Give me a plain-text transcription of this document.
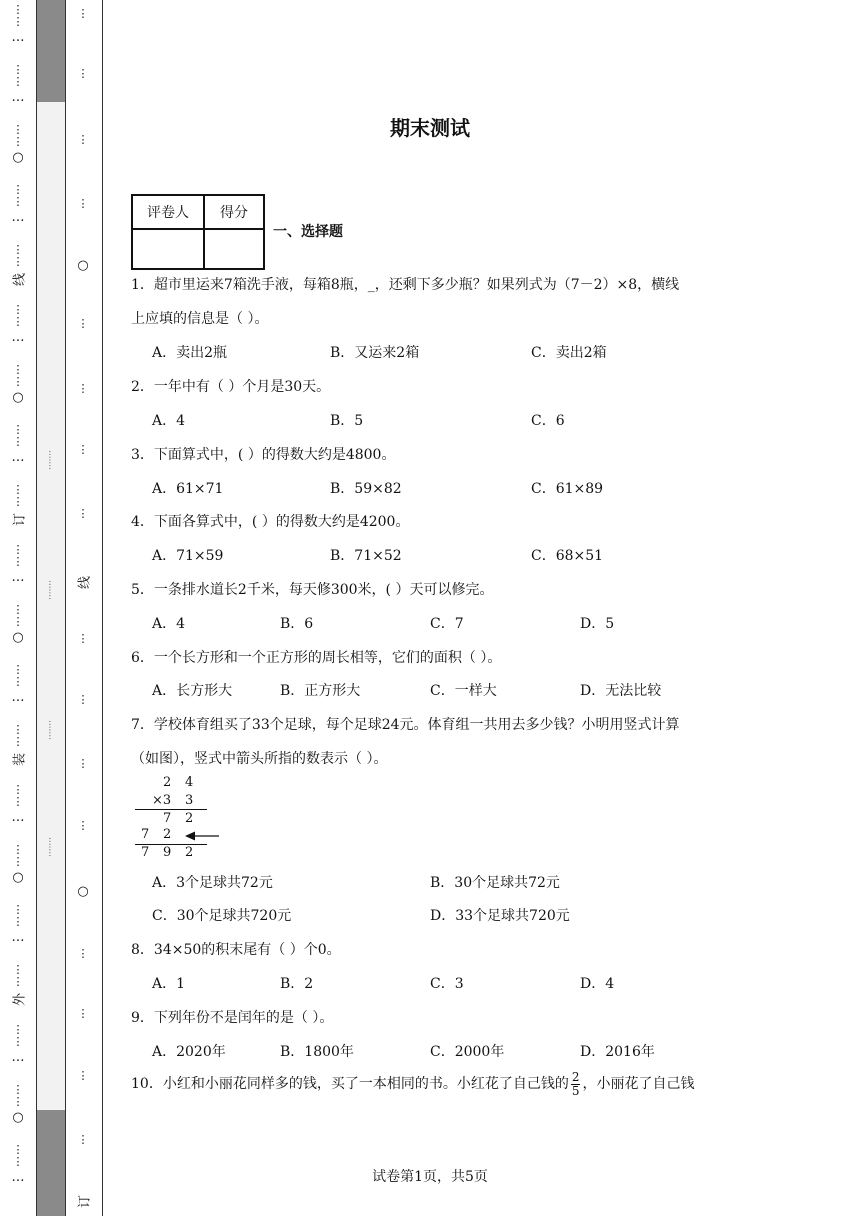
⋮
⋮
…
⋮
⋮
…
⋮
⋮
○
⋮
⋮
…
⋮
⋮
线
⋮
⋮
…
⋮
⋮
○
⋮
⋮
…
⋮
⋮
订
⋮
⋮
…
⋮
⋮
○
⋮
⋮
…
⋮
⋮
装
⋮
⋮
…
⋮
⋮
○
⋮
⋮
…
⋮
⋮
外
⋮
⋮
…
⋮
⋮
○
⋮
⋮
…
·······
·······
·······
·······
订
⋮
⋮
⋮
⋮
○
⋮
⋮
⋮
⋮
线
⋮
⋮
⋮
⋮
○
⋮
⋮
⋮
⋮
期末测试
评卷人	得分

一、选择题
1．超市里运来7箱洗手液，每箱8瓶，_，还剩下多少瓶？如果列式为（7－2）×8，横线
上应填的信息是（ ）。
A．卖出2瓶	B．又运来2箱	C．卖出2箱
2．一年中有（ ）个月是30天。
A．4	B．5	C．6
3．下面算式中，( ）的得数大约是4800。
A．61×71	B．59×82	C．61×89
4．下面各算式中，( ）的得数大约是4200。
A．71×59	B．71×52	C．68×51
5．一条排水道长2千米，每天修300米，( ）天可以修完。
A．4	B．6	C．7	D．5
6．一个长方形和一个正方形的周长相等，它们的面积（ ）。
A．长方形大	B．正方形大	C．一样大	D．无法比较
7．学校体育组买了33个足球，每个足球24元。体育组一共用去多少钱？小明用竖式计算
（如图），竖式中箭头所指的数表示（ ）。
2 4
×3 3
7 2
7 2
7 9 2
A．3个足球共72元	B．30个足球共72元
C．30个足球共720元	D．33个足球共720元
8．34×50的积末尾有（ ）个0。
A．1	B．2	C．3	D．4
9．下列年份不是闰年的是（ ）。
A．2020年	B．1800年	C．2000年	D．2016年
10．小红和小丽花同样多的钱，买了一本相同的书。小红花了自己钱的 $\frac{2}{5}$ ，小丽花了自己钱
试卷第1页，共5页
